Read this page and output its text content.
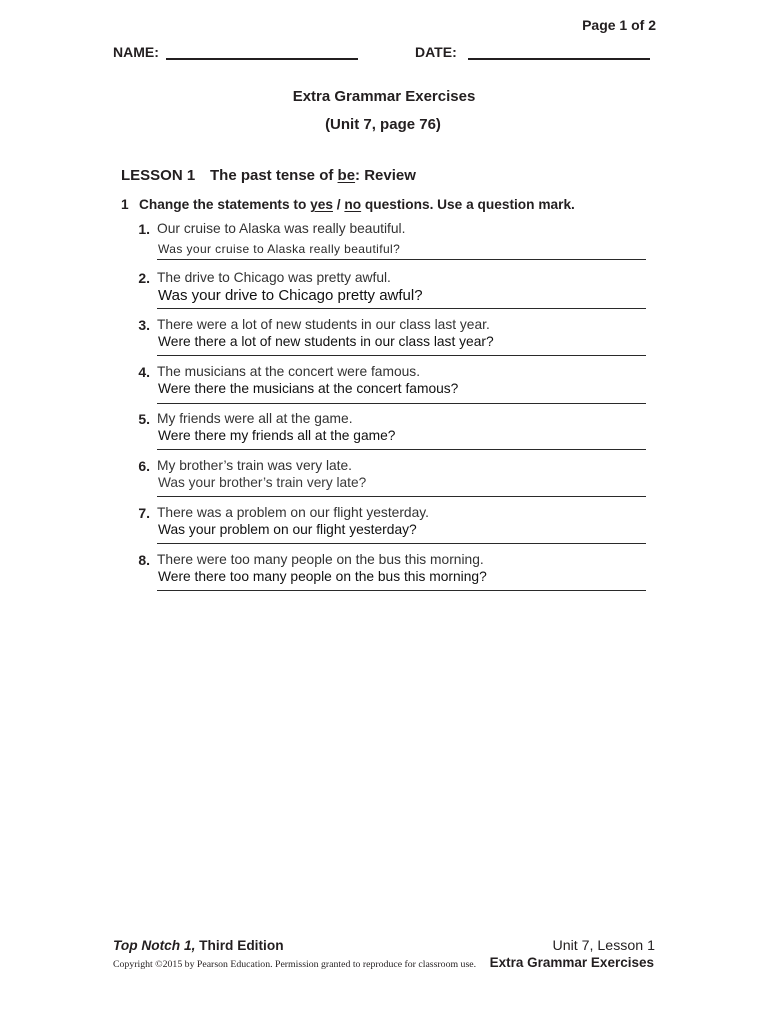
Page 1 of 2
NAME:	DATE:
Extra Grammar Exercises
(Unit 7, page 76)
LESSON 1 The past tense of be: Review
1 Change the statements to yes / no questions. Use a question mark.
1. Our cruise to Alaska was really beautiful.
Was your cruise to Alaska really beautiful?
2. The drive to Chicago was pretty awful.
Was your drive to Chicago pretty awful?
3. There were a lot of new students in our class last year.
Were there a lot of new students in our class last year?
4. The musicians at the concert were famous.
Were there the musicians at the concert famous?
5. My friends were all at the game.
Were there my friends all at the game?
6. My brother’s train was very late.
Was your brother’s train very late?
7. There was a problem on our flight yesterday.
Was your problem on our flight yesterday?
8. There were too many people on the bus this morning.
Were there too many people on the bus this morning?
Top Notch 1, Third Edition
Copyright ©2015 by Pearson Education. Permission granted to reproduce for classroom use.
Unit 7, Lesson 1
Extra Grammar Exercises
